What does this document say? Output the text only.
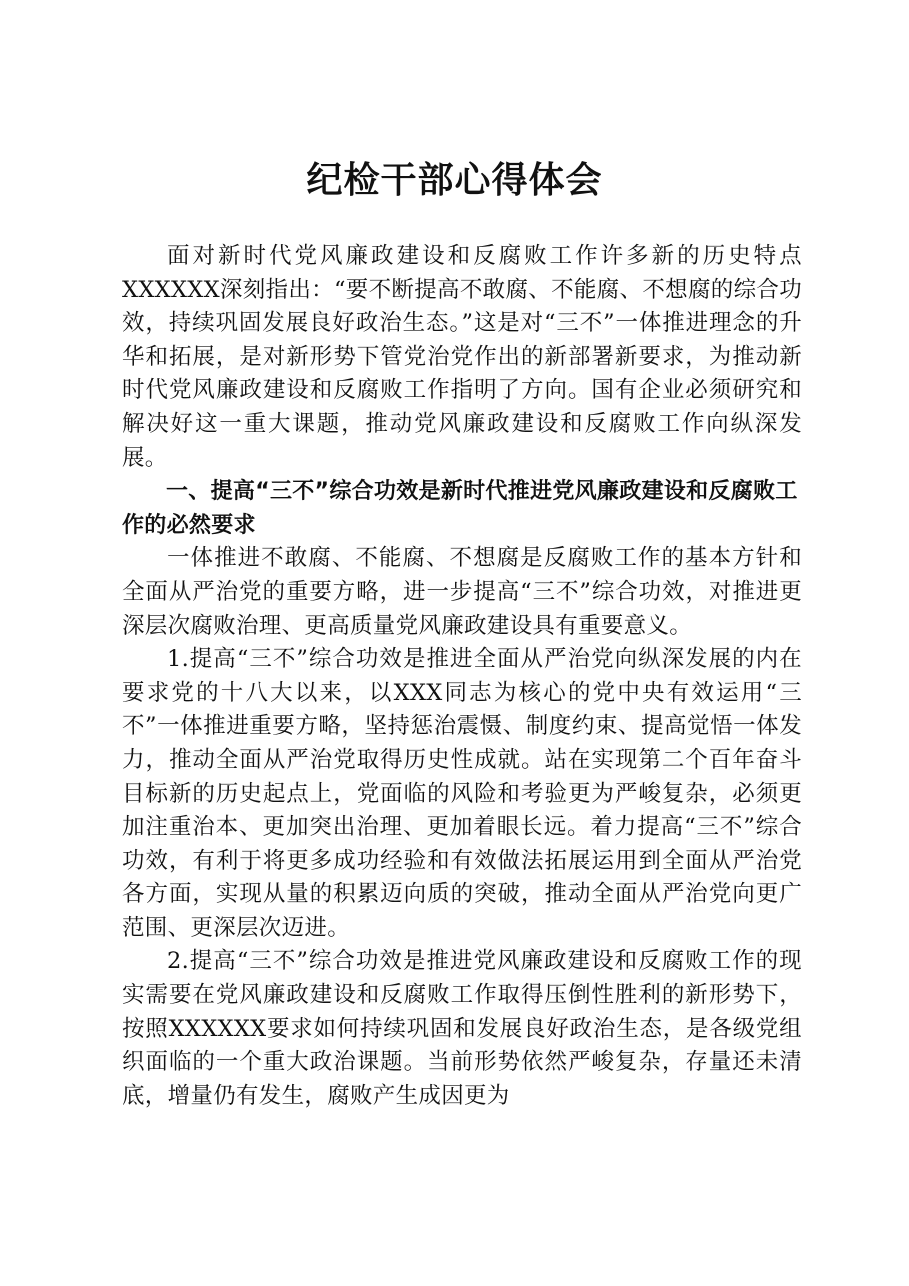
纪检干部心得体会

面对新时代党风廉政建设和反腐败工作许多新的历史特点XXXXXX深刻指出：“要不断提高不敢腐、不能腐、不想腐的综合功效，持续巩固发展良好政治生态。”这是对“三不”一体推进理念的升华和拓展，是对新形势下管党治党作出的新部署新要求，为推动新时代党风廉政建设和反腐败工作指明了方向。国有企业必须研究和解决好这一重大课题，推动党风廉政建设和反腐败工作向纵深发展。

一、提高“三不”综合功效是新时代推进党风廉政建设和反腐败工作的必然要求

一体推进不敢腐、不能腐、不想腐是反腐败工作的基本方针和全面从严治党的重要方略，进一步提高“三不”综合功效，对推进更深层次腐败治理、更高质量党风廉政建设具有重要意义。

1.提高“三不”综合功效是推进全面从严治党向纵深发展的内在要求党的十八大以来，以XXX同志为核心的党中央有效运用“三不”一体推进重要方略，坚持惩治震慑、制度约束、提高觉悟一体发力，推动全面从严治党取得历史性成就。站在实现第二个百年奋斗目标新的历史起点上，党面临的风险和考验更为严峻复杂，必须更加注重治本、更加突出治理、更加着眼长远。着力提高“三不”综合功效，有利于将更多成功经验和有效做法拓展运用到全面从严治党各方面，实现从量的积累迈向质的突破，推动全面从严治党向更广范围、更深层次迈进。

2.提高“三不”综合功效是推进党风廉政建设和反腐败工作的现实需要在党风廉政建设和反腐败工作取得压倒性胜利的新形势下，按照XXXXXX要求如何持续巩固和发展良好政治生态，是各级党组织面临的一个重大政治课题。当前形势依然严峻复杂，存量还未清底，增量仍有发生，腐败产生成因更为
